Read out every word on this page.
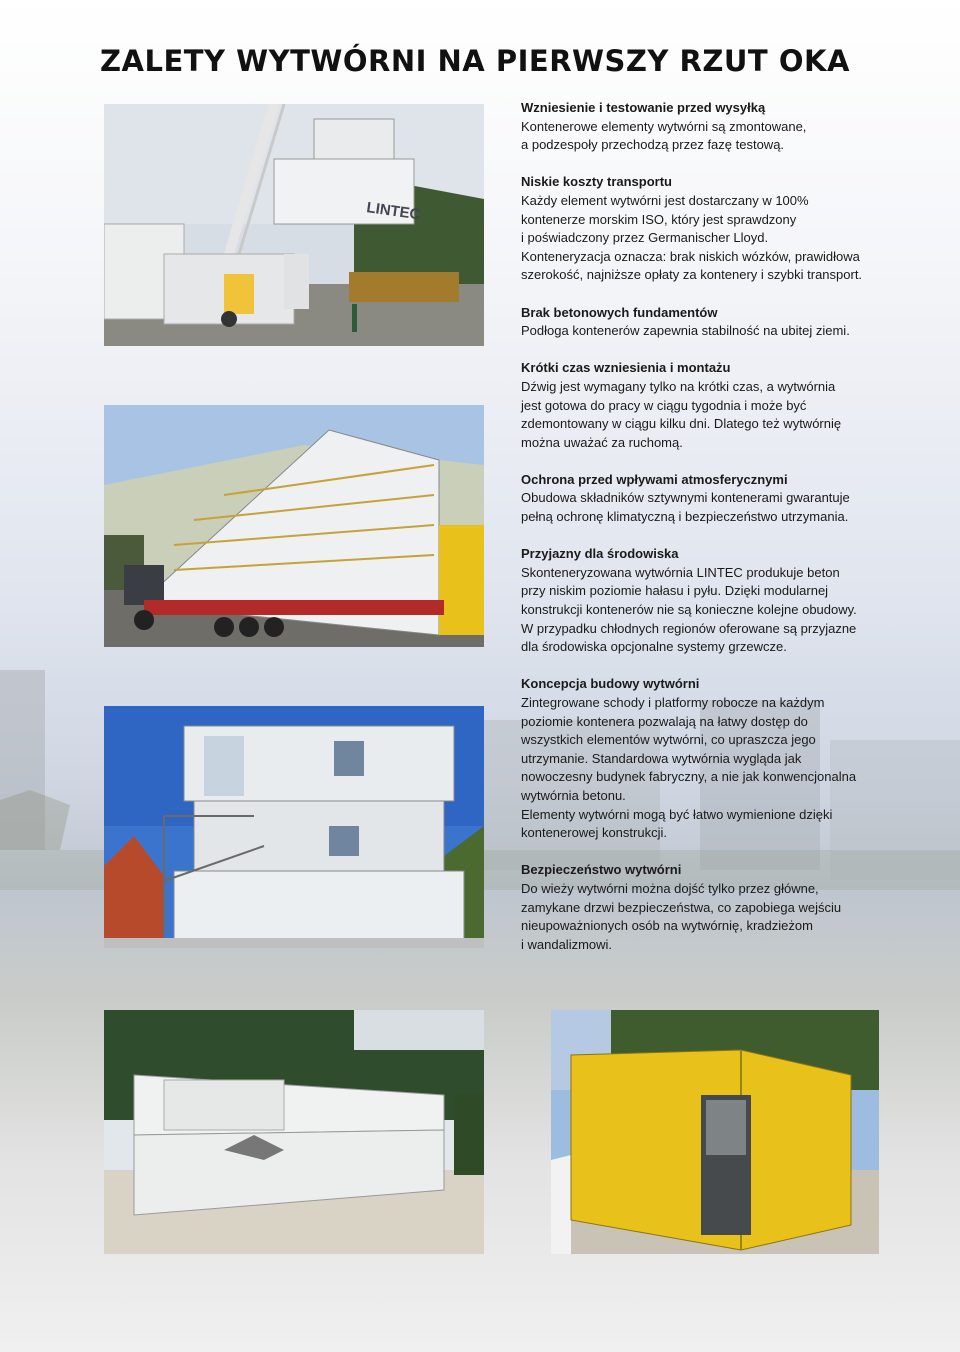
ZALETY WYTWÓRNI NA PIERWSZY RZUT OKA
LINTEC
Wzniesienie i testowanie przed wysyłką

Kontenerowe elementy wytwórni są zmontowane,
a podzespoły przechodzą przez fazę testową.

Niskie koszty transportu

Każdy element wytwórni jest dostarczany w 100%
kontenerze morskim ISO, który jest sprawdzony
i poświadczony przez Germanischer Lloyd.
Konteneryzacja oznacza: brak niskich wózków, prawidłowa
szerokość, najniższe opłaty za kontenery i szybki transport.

Brak betonowych fundamentów

Podłoga kontenerów zapewnia stabilność na ubitej ziemi.

Krótki czas wzniesienia i montażu

Dźwig jest wymagany tylko na krótki czas, a wytwórnia
jest gotowa do pracy w ciągu tygodnia i może być
zdemontowany w ciągu kilku dni. Dlatego też wytwórnię
można uważać za ruchomą.

Ochrona przed wpływami atmosferycznymi

Obudowa składników sztywnymi kontenerami gwarantuje
pełną ochronę klimatyczną i bezpieczeństwo utrzymania.

Przyjazny dla środowiska

Skonteneryzowana wytwórnia LINTEC produkuje beton
przy niskim poziomie hałasu i pyłu. Dzięki modularnej
konstrukcji kontenerów nie są konieczne kolejne obudowy.
W przypadku chłodnych regionów oferowane są przyjazne
dla środowiska opcjonalne systemy grzewcze.

Koncepcja budowy wytwórni

Zintegrowane schody i platformy robocze na każdym
poziomie kontenera pozwalają na łatwy dostęp do
wszystkich elementów wytwórni, co upraszcza jego
utrzymanie. Standardowa wytwórnia wygląda jak
nowoczesny budynek fabryczny, a nie jak konwencjonalna
wytwórnia betonu.
Elementy wytwórni mogą być łatwo wymienione dzięki
kontenerowej konstrukcji.

Bezpieczeństwo wytwórni

Do wieży wytwórni można dojść tylko przez główne,
zamykane drzwi bezpieczeństwa, co zapobiega wejściu
nieupoważnionych osób na wytwórnię, kradzieżom
i wandalizmowi.
